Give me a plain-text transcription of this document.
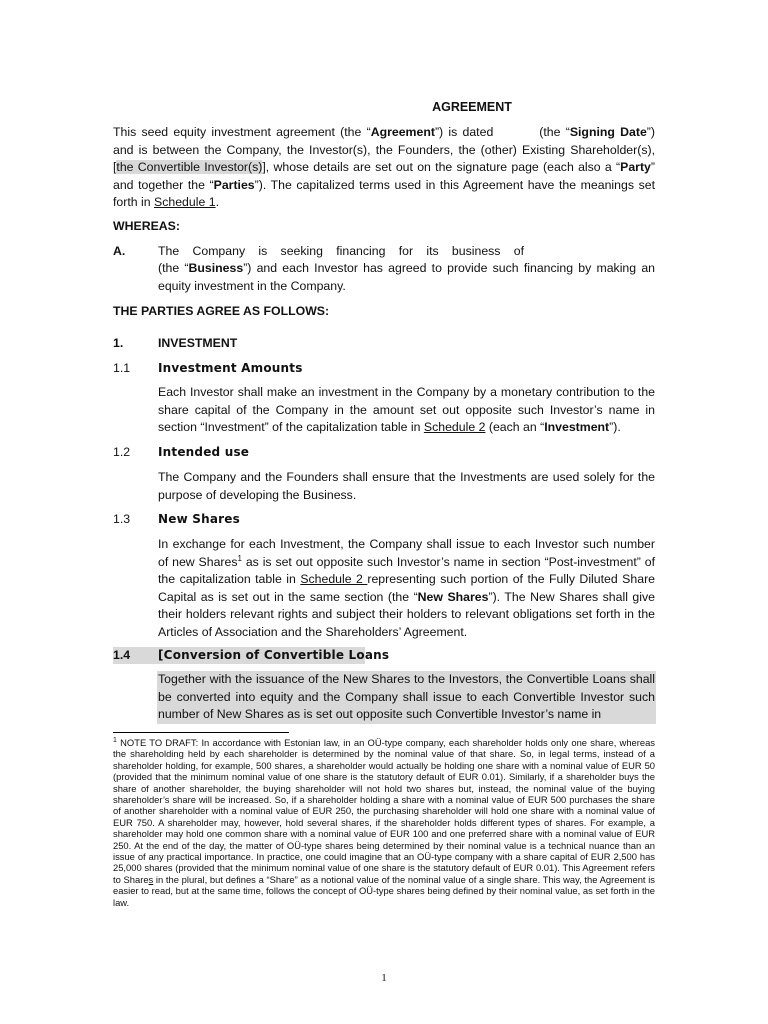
AGREEMENT
This seed equity investment agreement (the “Agreement”) is dated	(the “Signing Date”) and is between the Company, the Investor(s), the Founders, the (other) Existing Shareholder(s), [the Convertible Investor(s)], whose details are set out on the signature page (each also a “Party” and together the “Parties”). The capitalized terms used in this Agreement have the meanings set forth in Schedule 1.
WHEREAS:
A.	The Company is seeking financing for its business of
(the “Business”) and each Investor has agreed to provide such financing by making an equity investment in the Company.
THE PARTIES AGREE AS FOLLOWS:
1.	INVESTMENT
1.1 Investment Amounts
Each Investor shall make an investment in the Company by a monetary contribution to the share capital of the Company in the amount set out opposite such Investor’s name in section “Investment” of the capitalization table in Schedule 2 (each an “Investment”).
1.2 Intended use
The Company and the Founders shall ensure that the Investments are used solely for the purpose of developing the Business.
1.3 New Shares
In exchange for each Investment, the Company shall issue to each Investor such number of new Shares$^1$ as is set out opposite such Investor’s name in section “Post-investment” of the capitalization table in Schedule 2 representing such portion of the Fully Diluted Share Capital as is set out in the same section (the “New Shares”). The New Shares shall give their holders relevant rights and subject their holders to relevant obligations set forth in the Articles of Association and the Shareholders’ Agreement.
1.4 [Conversion of Convertible Loans
Together with the issuance of the New Shares to the Investors, the Convertible Loans shall be converted into equity and the Company shall issue to each Convertible Investor such number of New Shares as is set out opposite such Convertible Investor’s name in
$^1$ NOTE TO DRAFT: In accordance with Estonian law, in an OÜ-type company, each shareholder holds only one share, whereas the shareholding held by each shareholder is determined by the nominal value of that share. So, in legal terms, instead of a shareholder holding, for example, 500 shares, a shareholder would actually be holding one share with a nominal value of EUR 50 (provided that the minimum nominal value of one share is the statutory default of EUR 0.01). Similarly, if a shareholder buys the share of another shareholder, the buying shareholder will not hold two shares but, instead, the nominal value of the buying shareholder’s share will be increased. So, if a shareholder holding a share with a nominal value of EUR 500 purchases the share of another shareholder with a nominal value of EUR 250, the purchasing shareholder will hold one share with a nominal value of EUR 750. A shareholder may, however, hold several shares, if the shareholder holds different types of shares. For example, a shareholder may hold one common share with a nominal value of EUR 100 and one preferred share with a nominal value of EUR 250. At the end of the day, the matter of OÜ-type shares being determined by their nominal value is a technical nuance than an issue of any practical importance. In practice, one could imagine that an OÜ-type company with a share capital of EUR 2,500 has 25,000 shares (provided that the minimum nominal value of one share is the statutory default of EUR 0.01). This Agreement refers to Shares in the plural, but defines a “Share” as a notional value of the nominal value of a single share. This way, the Agreement is easier to read, but at the same time, follows the concept of OÜ-type shares being defined by their nominal value, as set forth in the law.
1
